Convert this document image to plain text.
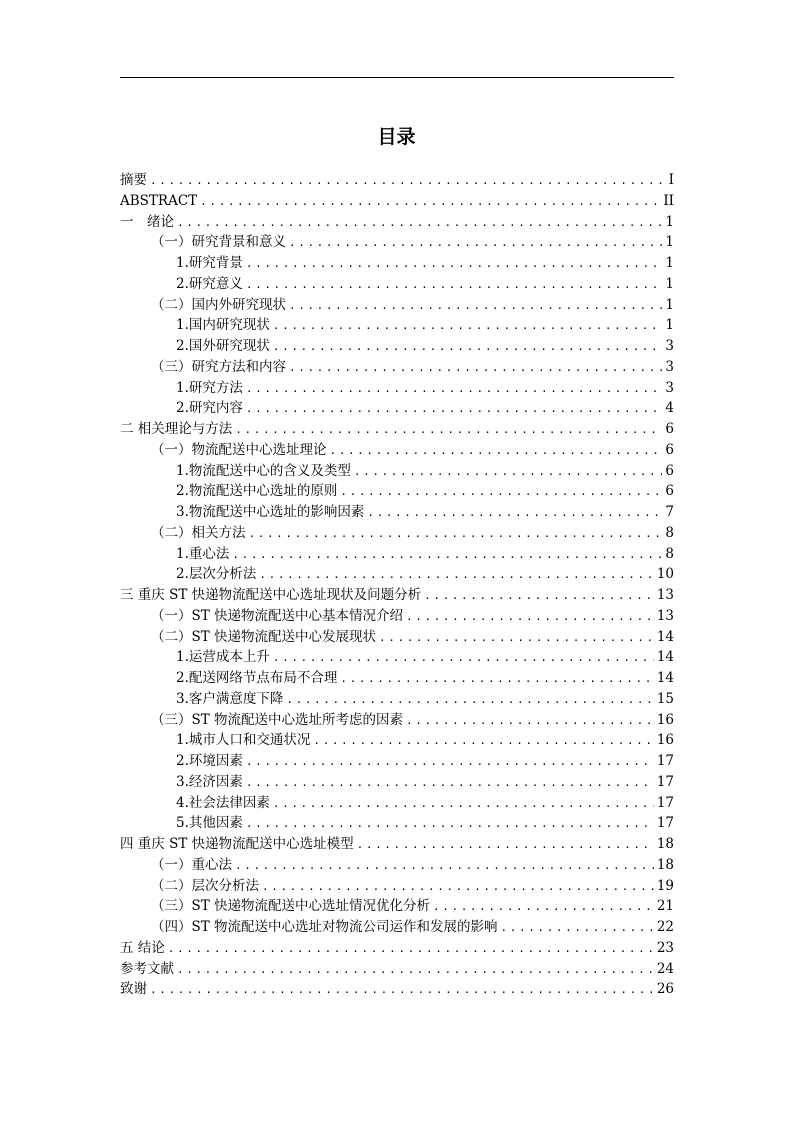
目录
摘要 .....	I
ABSTRACT .....	II
一　绪论 .....	1
（一）研究背景和意义 .....	1
1.研究背景 .....	1
2.研究意义 .....	1
（二）国内外研究现状 .....	1
1.国内研究现状 .....	1
2.国外研究现状 .....	3
（三）研究方法和内容 .....	3
1.研究方法 .....	3
2.研究内容 .....	4
二 相关理论与方法 .....	6
（一）物流配送中心选址理论 .....	6
1.物流配送中心的含义及类型 .....	6
2.物流配送中心选址的原则 .....	6
3.物流配送中心选址的影响因素 .....	7
（二）相关方法 .....	8
1.重心法 .....	8
2.层次分析法 .....	10
三 重庆 ST 快递物流配送中心选址现状及问题分析 .....	13
（一）ST 快递物流配送中心基本情况介绍 .....	13
（二）ST 快递物流配送中心发展现状 .....	14
1.运营成本上升 .....	14
2.配送网络节点布局不合理 .....	14
3.客户满意度下降 .....	15
（三）ST 物流配送中心选址所考虑的因素 .....	16
1.城市人口和交通状况 .....	16
2.环境因素 .....	17
3.经济因素 .....	17
4.社会法律因素 .....	17
5.其他因素 .....	17
四 重庆 ST 快递物流配送中心选址模型 .....	18
（一）重心法 .....	18
（二）层次分析法 .....	19
（三）ST 快递物流配送中心选址情况优化分析 .....	21
（四）ST 物流配送中心选址对物流公司运作和发展的影响 .....	22
五 结论 .....	23
参考文献 .....	24
致谢 .....	26
